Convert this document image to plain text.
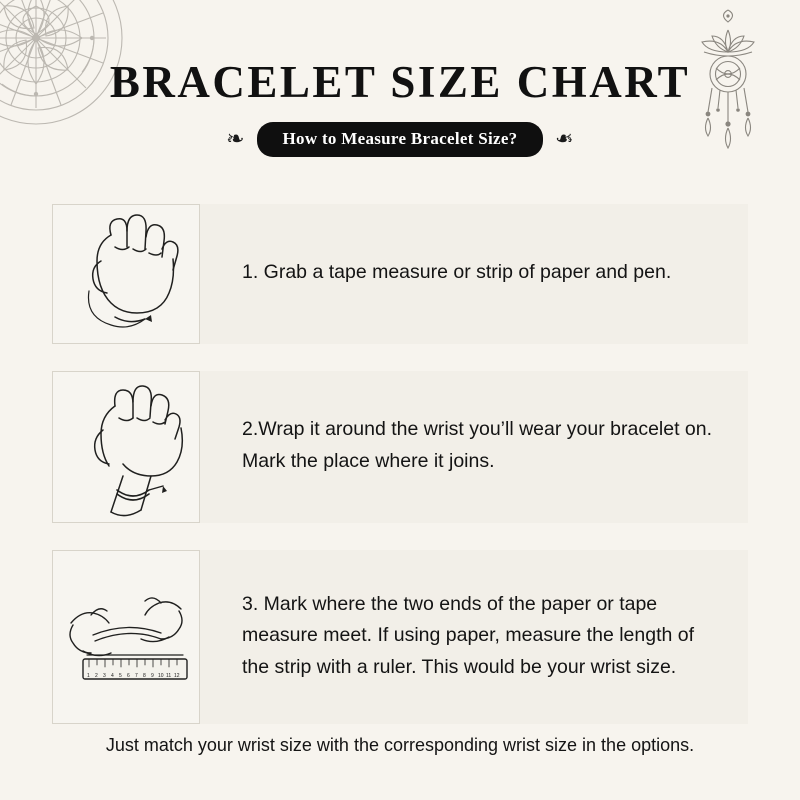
BRACELET SIZE CHART
❧	How to Measure Bracelet Size?	❧
1. Grab a tape measure or strip of paper and pen.
2.Wrap it around the wrist you’ll wear your bracelet on. Mark the place where it joins.
1 2 3 4 5 6 7 8 9 10 11 12
3. Mark where the two ends of the paper or tape measure meet. If using paper, measure the length of the strip with a ruler. This would be your wrist size.
Just match your wrist size with the corresponding wrist size in the options.
